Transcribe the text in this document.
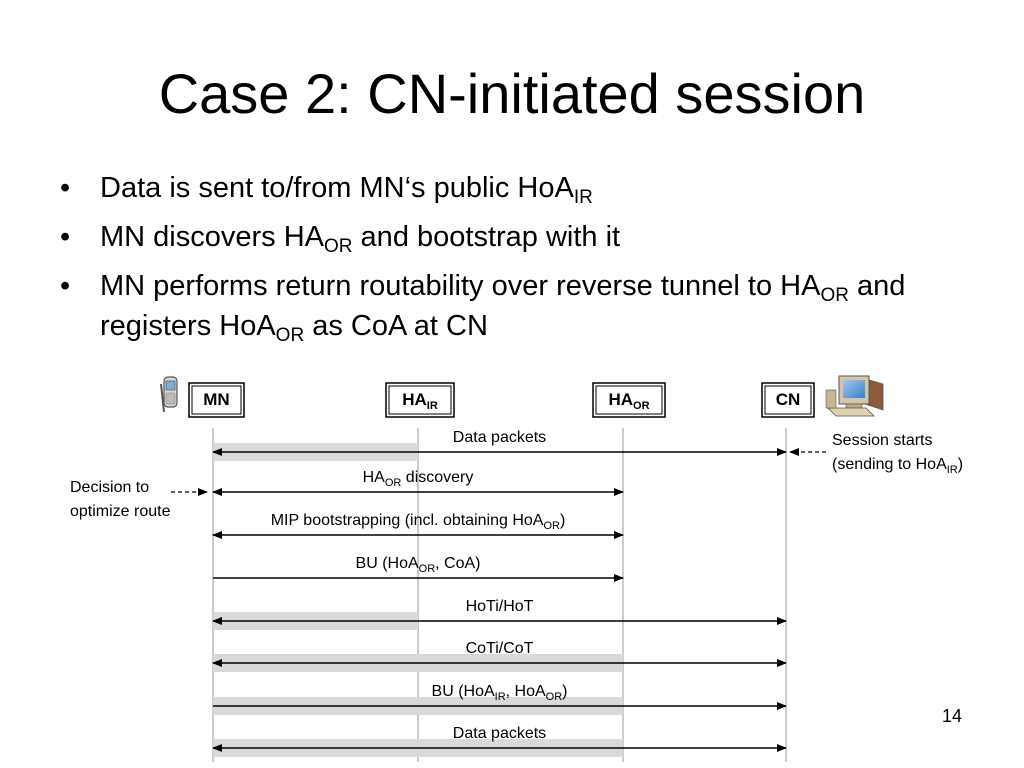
Case 2: CN-initiated session
• Data is sent to/from MN‘s public HoA$_{IR}$
• MN discovers $HA_{OR}$ and bootstrap with it
• MN performs return routability over reverse tunnel to $HA_{OR}$ and registers HoA$_{OR}$ as CoA at CN
MN	$HA_{IR}$	$HA_{OR}$	CN
Data packets
$HA_{OR}$ discovery
MIP bootstrapping (incl. obtaining HoA$_{OR}$)
BU (HoA$_{OR}$, CoA)
HoTi/HoT
CoTi/CoT
BU (HoA$_{IR}$, HoA$_{OR}$)
Data packets
Decision to
optimize route
Session starts
(sending to HoA$_{IR}$)
14
